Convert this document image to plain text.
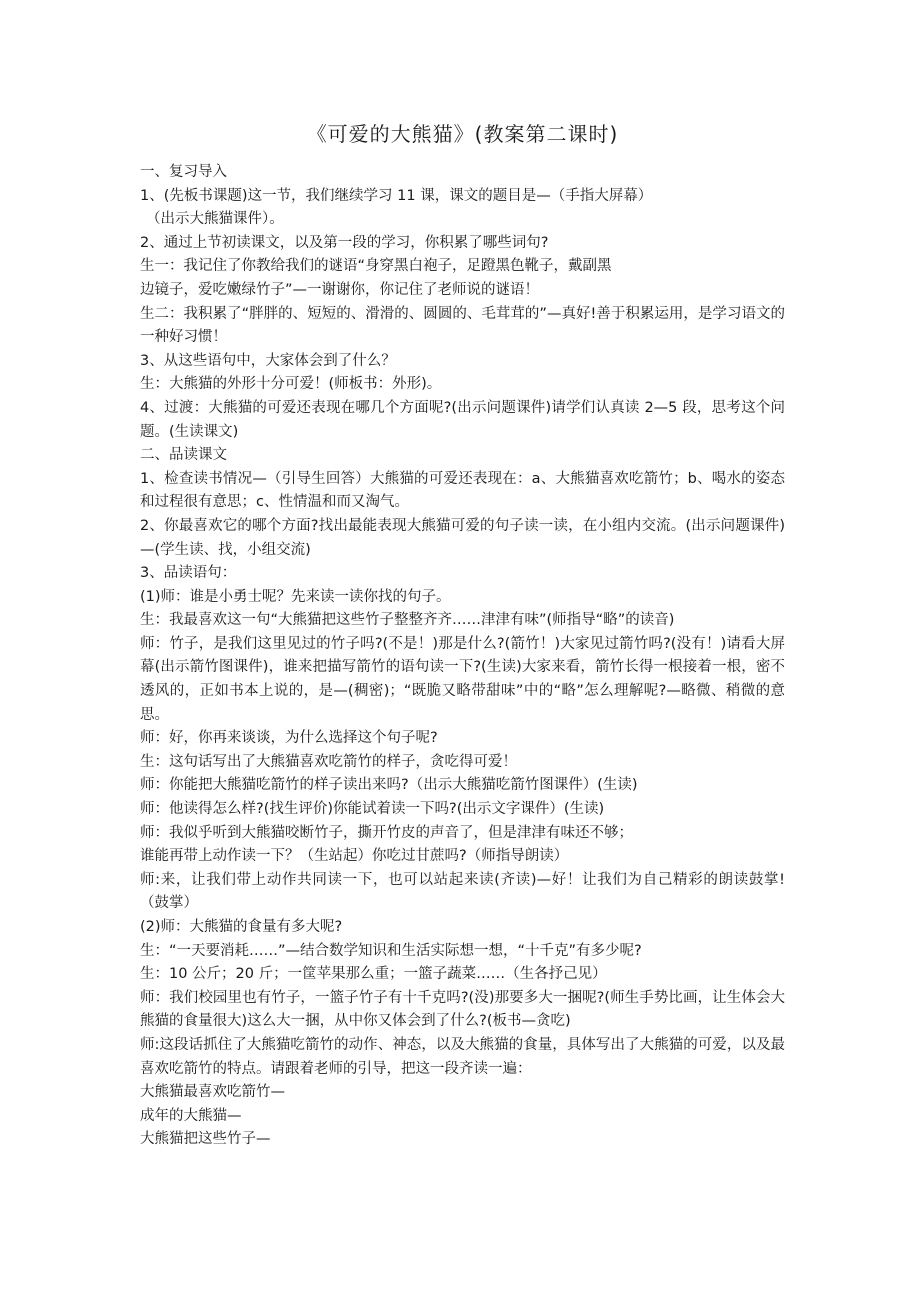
《可爱的大熊猫》(教案第二课时)

一、复习导入

1、(先板书课题)这一节，我们继续学习 11 课，课文的题目是—（手指大屏幕）

（出示大熊猫课件）。

2、通过上节初读课文，以及第一段的学习，你积累了哪些词句?

生一：我记住了你教给我们的谜语“身穿黑白袍子，足蹬黑色靴子，戴副黑

边镜子，爱吃嫩绿竹子”—一谢谢你，你记住了老师说的谜语！

生二：我积累了“胖胖的、短短的、滑滑的、圆圆的、毛茸茸的”—真好!善于积累运用，是学习语文的一种好习惯！

3、从这些语句中，大家体会到了什么？

生：大熊猫的外形十分可爱！(师板书：外形)。

4、过渡：大熊猫的可爱还表现在哪几个方面呢?(出示问题课件)请学们认真读 2—5 段，思考这个问题。(生读课文)

二、品读课文

1、检查读书情况—（引导生回答）大熊猫的可爱还表现在：a、大熊猫喜欢吃箭竹；b、喝水的姿态和过程很有意思；c、性情温和而又淘气。

2、你最喜欢它的哪个方面?找出最能表现大熊猫可爱的句子读一读，在小组内交流。(出示问题课件)—(学生读、找，小组交流)

3、品读语句：

(1)师：谁是小勇士呢？先来读一读你找的句子。

生：我最喜欢这一句“大熊猫把这些竹子整整齐齐……津津有味”(师指导“略”的读音)

师：竹子，是我们这里见过的竹子吗?(不是！)那是什么?(箭竹！)大家见过箭竹吗?(没有！)请看大屏幕(出示箭竹图课件)，谁来把描写箭竹的语句读一下?(生读)大家来看，箭竹长得一根接着一根，密不透风的，正如书本上说的，是—(稠密)；“既脆又略带甜味”中的“略”怎么理解呢?—略微、稍微的意思。

师：好，你再来谈谈，为什么选择这个句子呢?

生：这句话写出了大熊猫喜欢吃箭竹的样子，贪吃得可爱！

师：你能把大熊猫吃箭竹的样子读出来吗?（出示大熊猫吃箭竹图课件）(生读)

师：他读得怎么样?(找生评价)你能试着读一下吗?(出示文字课件）(生读)

师：我似乎听到大熊猫咬断竹子，撕开竹皮的声音了，但是津津有味还不够；

谁能再带上动作读一下？（生站起）你吃过甘蔗吗?（师指导朗读）

师:来，让我们带上动作共同读一下，也可以站起来读(齐读)—好！让我们为自己精彩的朗读鼓掌!（鼓掌）

(2)师：大熊猫的食量有多大呢?

生：“一天要消耗……”—结合数学知识和生活实际想一想，“十千克”有多少呢?

生：10 公斤；20 斤；一筐苹果那么重；一篮子蔬菜……（生各抒己见）

师：我们校园里也有竹子，一篮子竹子有十千克吗?(没)那要多大一捆呢?(师生手势比画，让生体会大熊猫的食量很大)这么大一捆，从中你又体会到了什么?(板书—贪吃)

师:这段话抓住了大熊猫吃箭竹的动作、神态，以及大熊猫的食量，具体写出了大熊猫的可爱，以及最喜欢吃箭竹的特点。请跟着老师的引导，把这一段齐读一遍：

大熊猫最喜欢吃箭竹—

成年的大熊猫—

大熊猫把这些竹子—
